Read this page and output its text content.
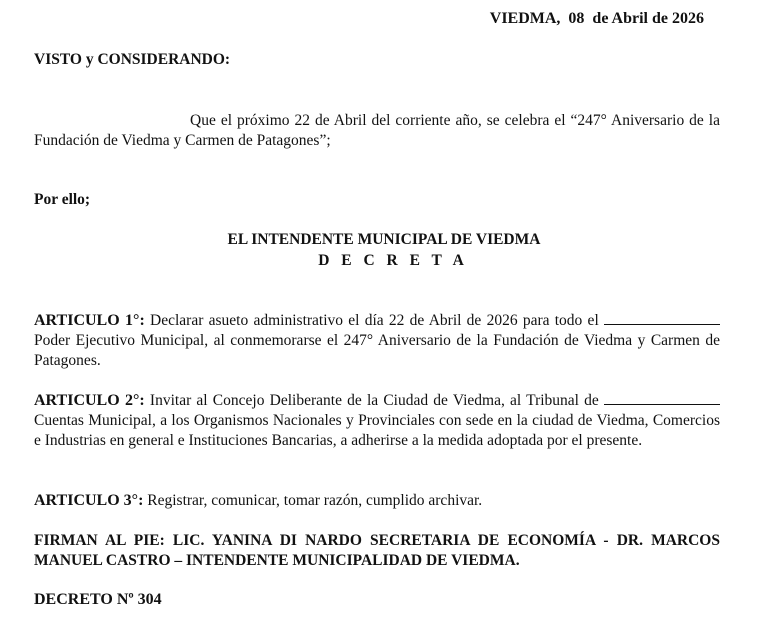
VIEDMA,  08  de Abril de 2026
VISTO y CONSIDERANDO:
Que el próximo 22 de Abril del corriente año, se celebra el “247° Aniversario de la Fundación de Viedma y Carmen de Patagones”;
Por ello;
EL INTENDENTE MUNICIPAL DE VIEDMA
D E C R E T A
ARTICULO 1°: Declarar asueto administrativo el día 22 de Abril de 2026 para todo el  Poder Ejecutivo Municipal, al conmemorarse el 247° Aniversario de la Fundación de Viedma y Carmen de Patagones.
ARTICULO 2°: Invitar al Concejo Deliberante de la Ciudad de Viedma, al Tribunal de  Cuentas Municipal, a los Organismos Nacionales y Provinciales con sede en la ciudad de Viedma, Comercios e Industrias en general e Instituciones Bancarias, a adherirse a la medida adoptada por el presente.
ARTICULO 3°: Registrar, comunicar, tomar razón, cumplido archivar.
FIRMAN AL PIE: LIC. YANINA DI NARDO SECRETARIA DE ECONOMÍA - DR. MARCOS MANUEL CASTRO – INTENDENTE MUNICIPALIDAD DE VIEDMA.
DECRETO Nº 304
